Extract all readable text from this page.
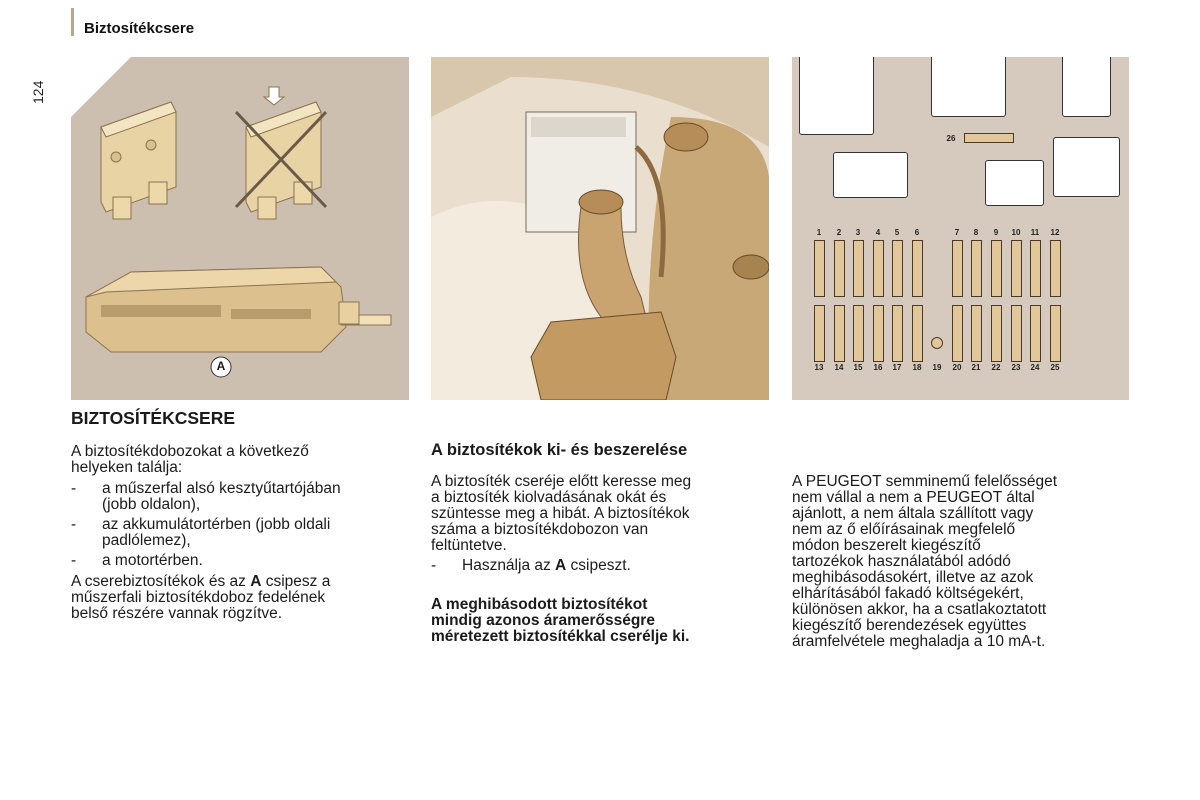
Biztosítékcsere
124
A
26
1	2	3	4	5	6	7	8	9	10	11	12
13	14	15	16	17	18	19	20	21	22	23	24	25
BIZTOSÍTÉKCSERE
A biztosítékdobozokat a következő
helyeken találja:
- a műszerfal alsó kesztyűtartójában
(jobb oldalon),
- az akkumulátortérben (jobb oldali
padlólemez),
- a motortérben.
A cserebiztosítékok és az A csipesz a
műszerfali biztosítékdoboz fedelének
belső részére vannak rögzítve.
A biztosítékok ki- és beszerelése
A biztosíték cseréje előtt keresse meg
a biztosíték kiolvadásának okát és
szüntesse meg a hibát. A biztosítékok
száma a biztosítékdobozon van
feltüntetve.
- Használja az A csipeszt.
A meghibásodott biztosítékot
mindig azonos áramerősségre
méretezett biztosítékkal cserélje ki.
A PEUGEOT semminemű felelősséget
nem vállal a nem a PEUGEOT által
ajánlott, a nem általa szállított vagy
nem az ő előírásainak megfelelő
módon beszerelt kiegészítő
tartozékok használatából adódó
meghibásodásokért, illetve az azok
elhárításából fakadó költségekért,
különösen akkor, ha a csatlakoztatott
kiegészítő berendezések együttes
áramfelvétele meghaladja a 10 mA-t.
